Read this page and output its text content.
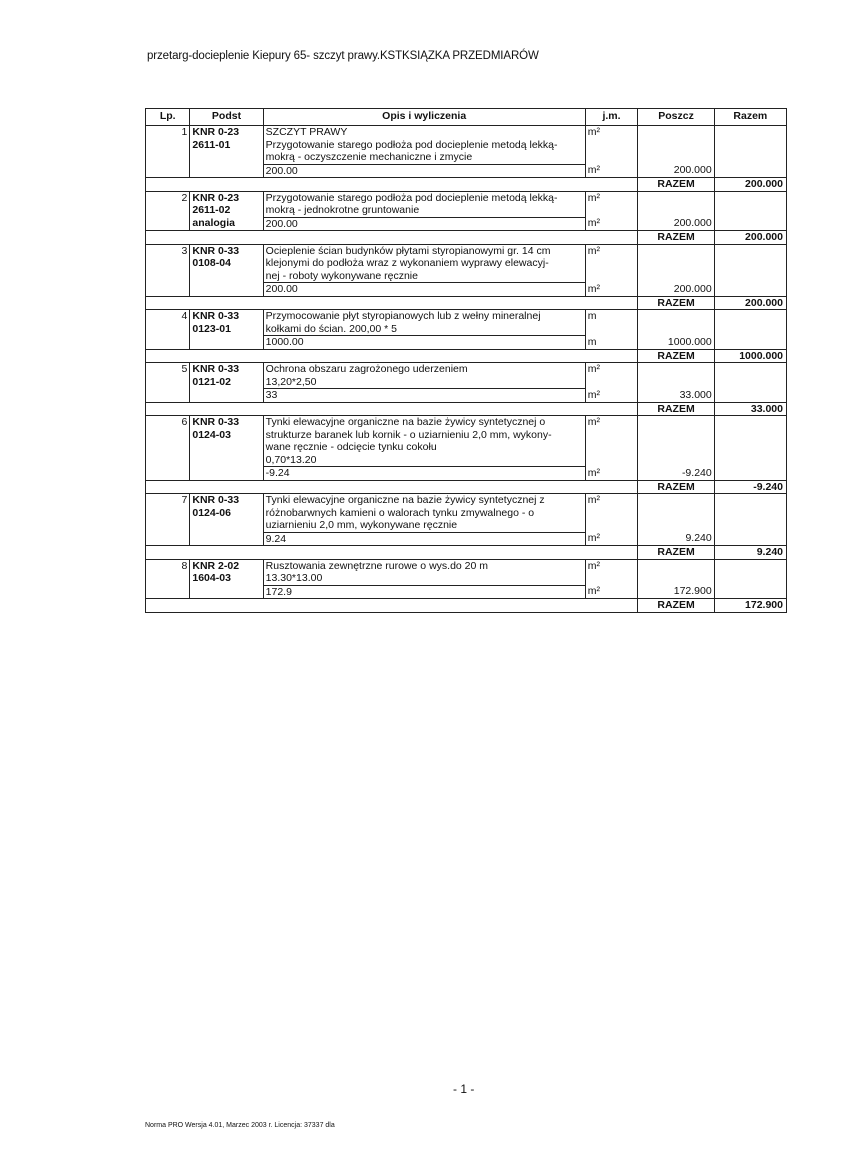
przetarg-docieplenie Kiepury 65- szczyt prawy.KSTKSIĄZKA PRZEDMIARÓW
Lp.	Podst	Opis i wyliczenia	j.m.	Poszcz	Razem
1	KNR 0-23
2611-01	SZCZYT PRAWY
Przygotowanie starego podłoża pod docieplenie metodą lekką-
mokrą - oczyszczenie mechaniczne i zmycie	m²		
		200.00	m²	200.000	
				RAZEM	200.000
2	KNR 0-23
2611-02
analogia	Przygotowanie starego podłoża pod docieplenie metodą lekką-
mokrą - jednokrotne gruntowanie	m²		
		200.00	m²	200.000	
				RAZEM	200.000
3	KNR 0-33
0108-04	Ocieplenie ścian budynków płytami styropianowymi gr. 14 cm
klejonymi do podłoża wraz z wykonaniem wyprawy elewacyj-
nej - roboty wykonywane ręcznie	m²		
		200.00	m²	200.000	
				RAZEM	200.000
4	KNR 0-33
0123-01	Przymocowanie płyt styropianowych lub z wełny mineralnej
kołkami do ścian. 200,00 * 5	m		
		1000.00	m	1000.000	
				RAZEM	1000.000
5	KNR 0-33
0121-02	Ochrona obszaru zagrożonego uderzeniem
13,20*2,50	m²		
		33	m²	33.000	
				RAZEM	33.000
6	KNR 0-33
0124-03	Tynki elewacyjne organiczne na bazie żywicy syntetycznej o
strukturze baranek lub kornik - o uziarnieniu 2,0 mm, wykony-
wane ręcznie - odcięcie tynku cokołu
0,70*13.20	m²		
		-9.24	m²	-9.240	
				RAZEM	-9.240
7	KNR 0-33
0124-06	Tynki elewacyjne organiczne na bazie żywicy syntetycznej z
różnobarwnych kamieni o walorach tynku zmywalnego - o
uziarnieniu 2,0 mm, wykonywane ręcznie	m²		
		9.24	m²	9.240	
				RAZEM	9.240
8	KNR 2-02
1604-03	Rusztowania zewnętrzne rurowe o wys.do 20 m
13.30*13.00	m²		
		172.9	m²	172.900	
				RAZEM	172.900
- 1 -
Norma PRO Wersja 4.01, Marzec 2003 r. Licencja: 37337 dla
